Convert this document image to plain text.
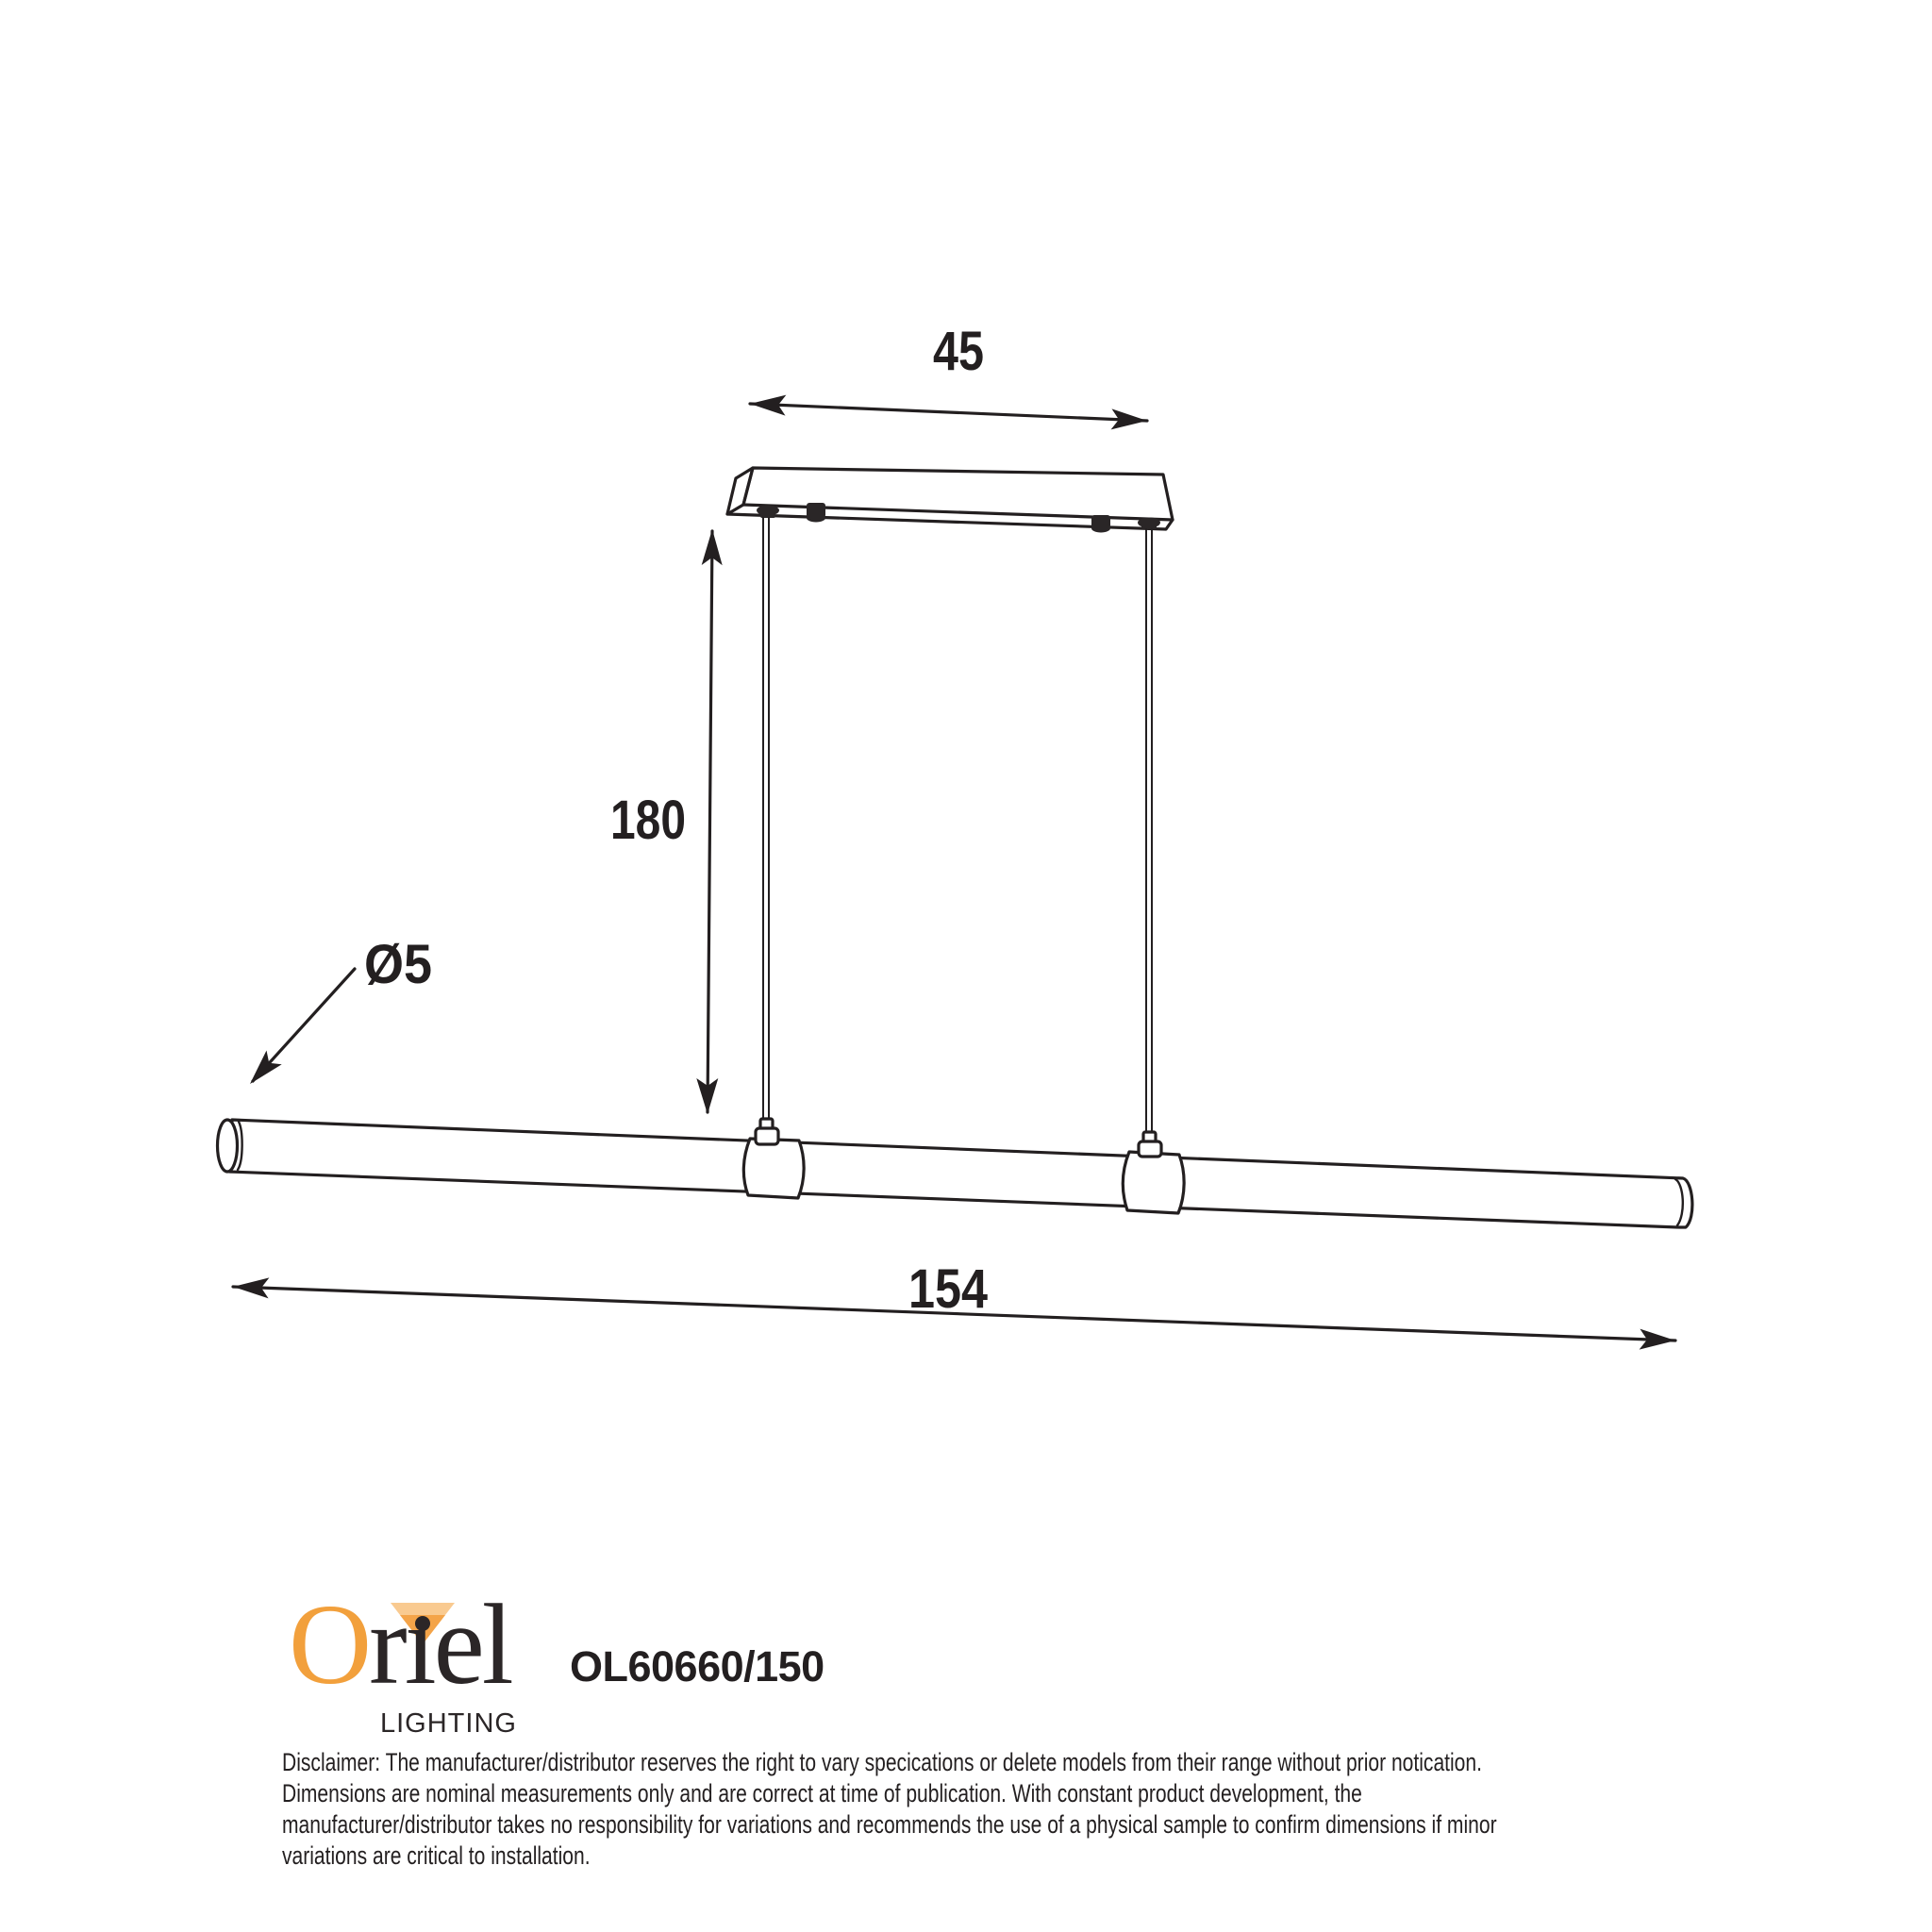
45
180
Ø5
154
Orıel
LIGHTING
OL60660/150
Disclaimer: The manufacturer/distributor reserves the right to vary specications or delete models from their range without prior notication.
Dimensions are nominal measurements only and are correct at time of publication. With constant product development, the
manufacturer/distributor takes no responsibility for variations and recommends the use of a physical sample to confirm dimensions if minor
variations are critical to installation.
